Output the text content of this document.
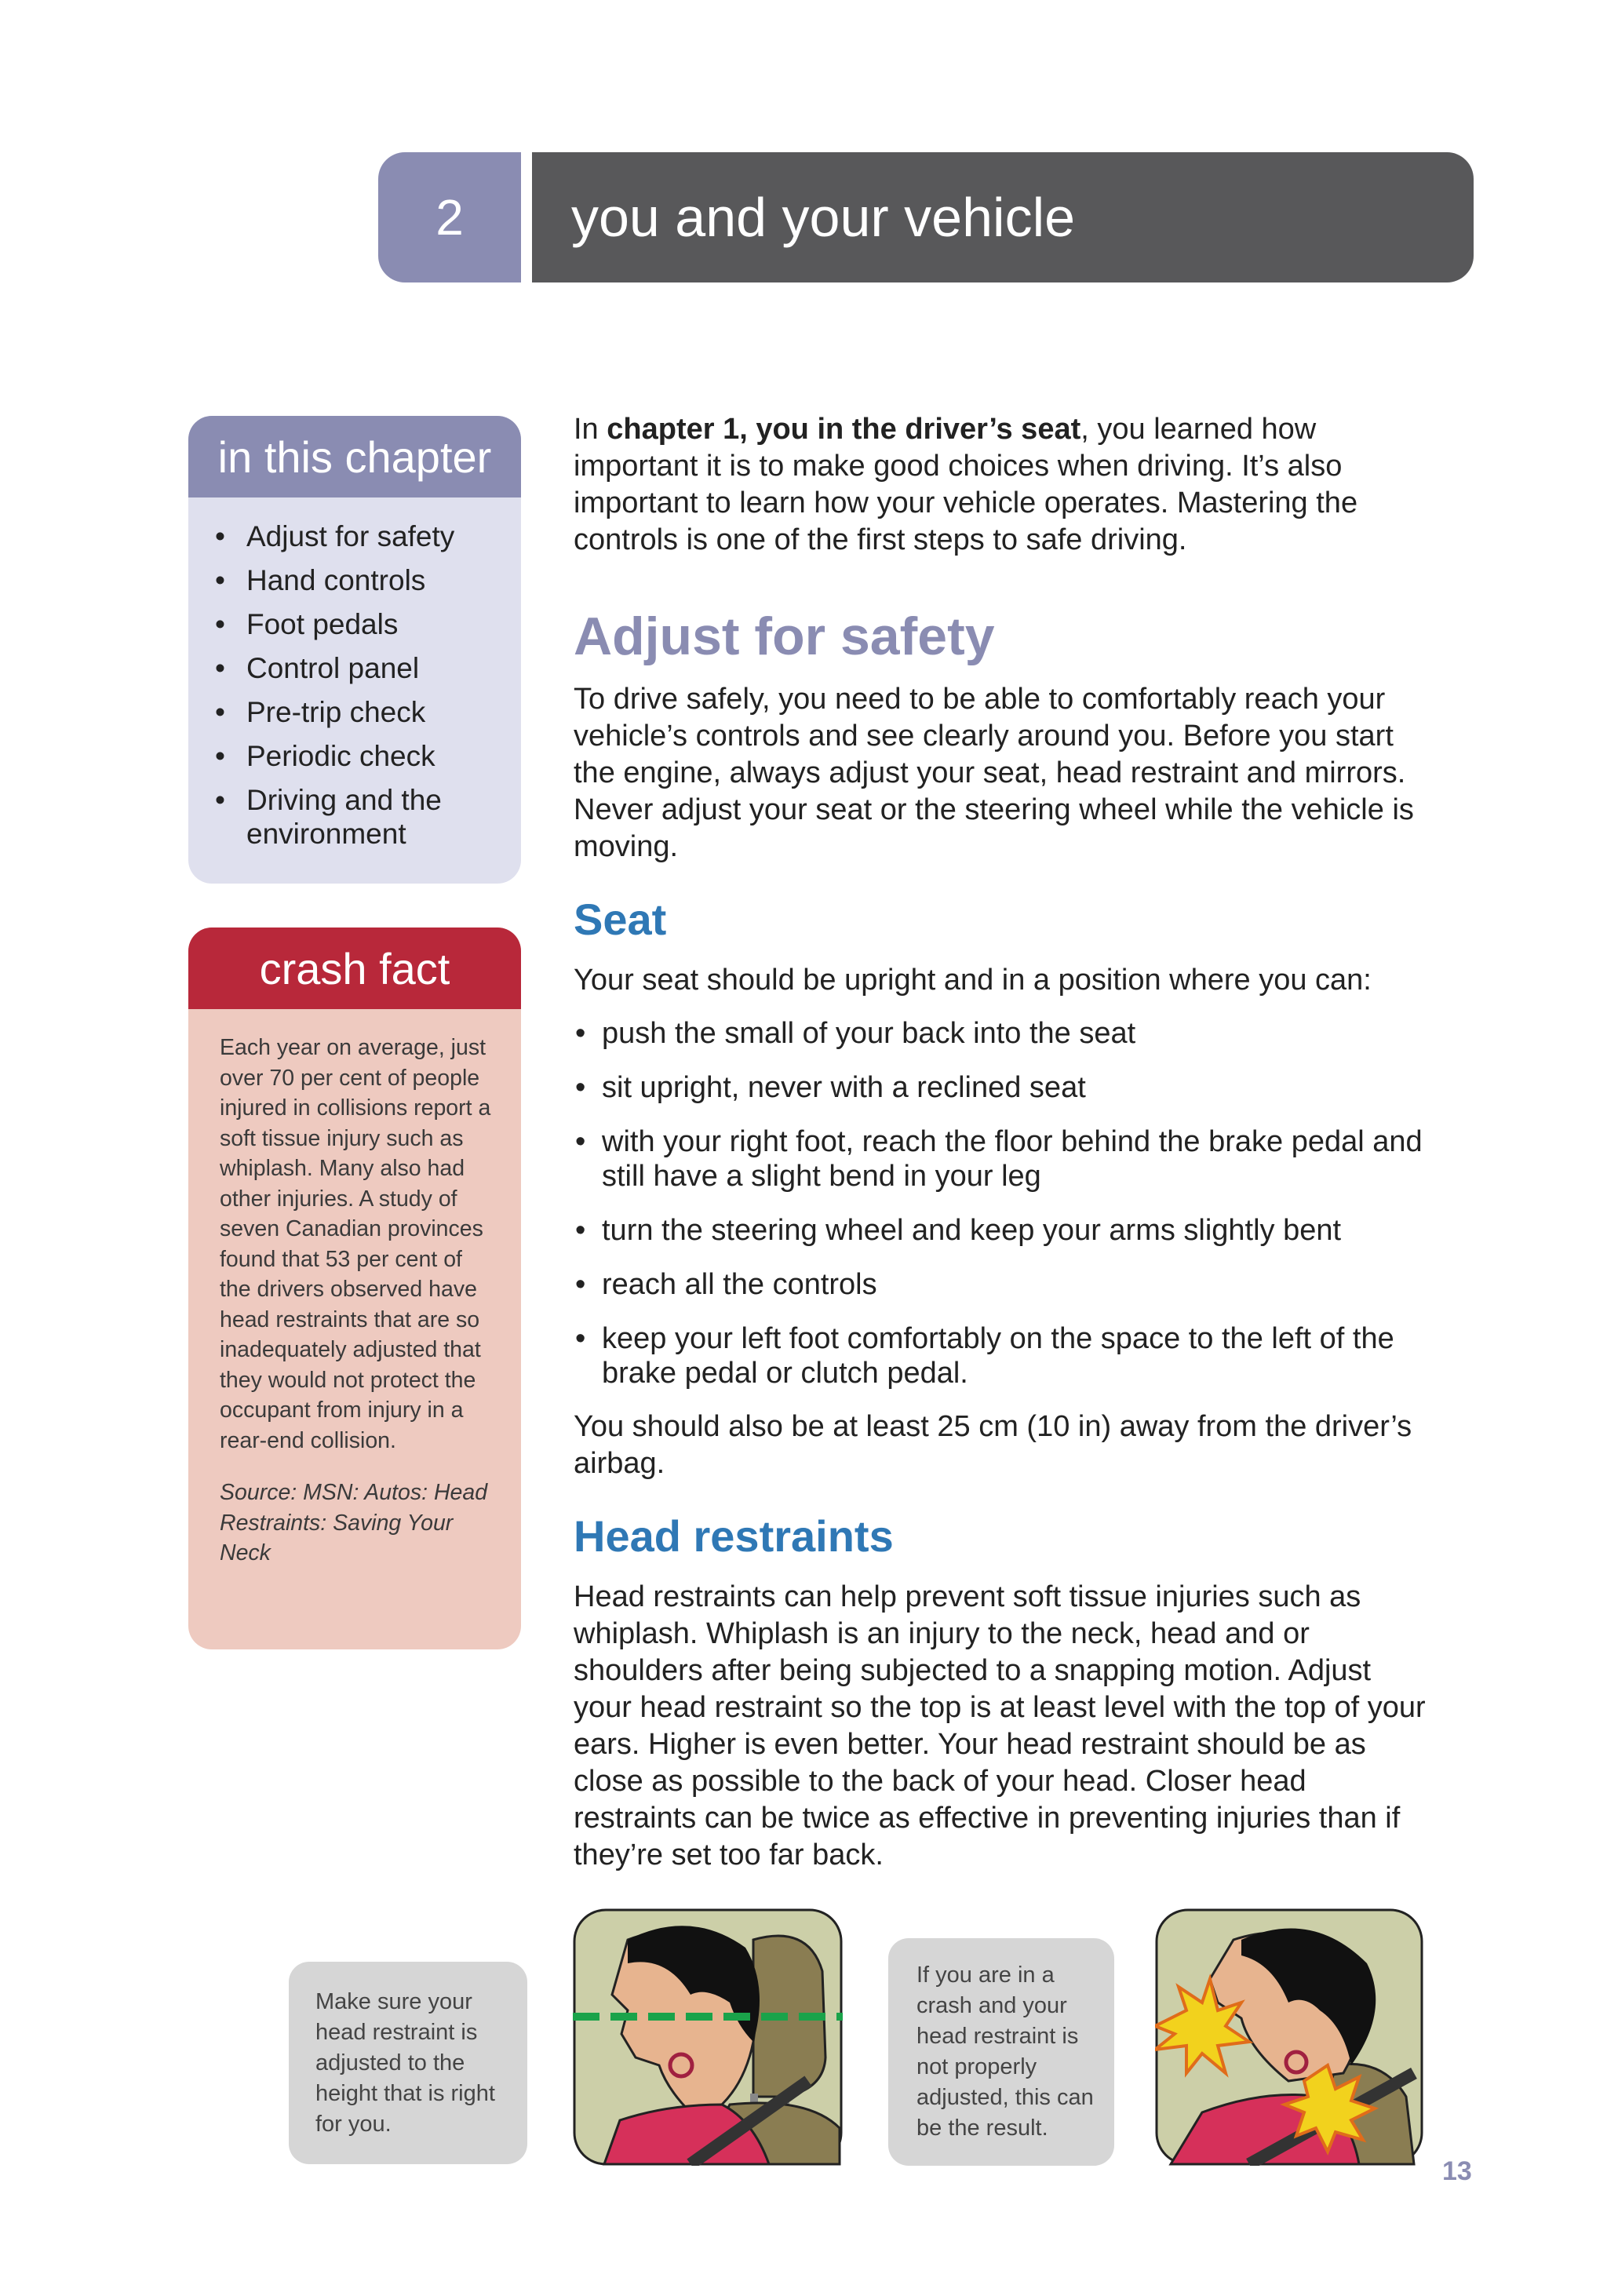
2	you and your vehicle
in this chapter
• Adjust for safety
• Hand controls
• Foot pedals
• Control panel
• Pre-trip check
• Periodic check
• Driving and the environment
crash fact
Each year on average, just over 70 per cent of people injured in collisions report a soft tissue injury such as whiplash. Many also had other injuries. A study of seven Canadian provinces found that 53 per cent of the drivers observed have head restraints that are so inadequately adjusted that they would not protect the occupant from injury in a rear-end collision.
Source: MSN: Autos: Head Restraints: Saving Your Neck

In chapter 1, you in the driver’s seat, you learned how important it is to make good choices when driving. It’s also important to learn how your vehicle operates. Mastering the controls is one of the first steps to safe driving.

Adjust for safety

To drive safely, you need to be able to comfortably reach your vehicle’s controls and see clearly around you. Before you start the engine, always adjust your seat, head restraint and mirrors. Never adjust your seat or the steering wheel while the vehicle is moving.

Seat

Your seat should be upright and in a position where you can:

• push the small of your back into the seat
• sit upright, never with a reclined seat
• with your right foot, reach the floor behind the brake pedal and still have a slight bend in your leg
• turn the steering wheel and keep your arms slightly bent
• reach all the controls
• keep your left foot comfortably on the space to the left of the brake pedal or clutch pedal.

You should also be at least 25 cm (10 in) away from the driver’s airbag.

Head restraints

Head restraints can help prevent soft tissue injuries such as whiplash. Whiplash is an injury to the neck, head and or shoulders after being subjected to a snapping motion. Adjust your head restraint so the top is at least level with the top of your ears. Higher is even better. Your head restraint should be as close as possible to the back of your head. Closer head restraints can be twice as effective in preventing injuries than if they’re set too far back.

Make sure your head restraint is adjusted to the height that is right for you.
If you are in a crash and your head restraint is not properly adjusted, this can be the result.
13
